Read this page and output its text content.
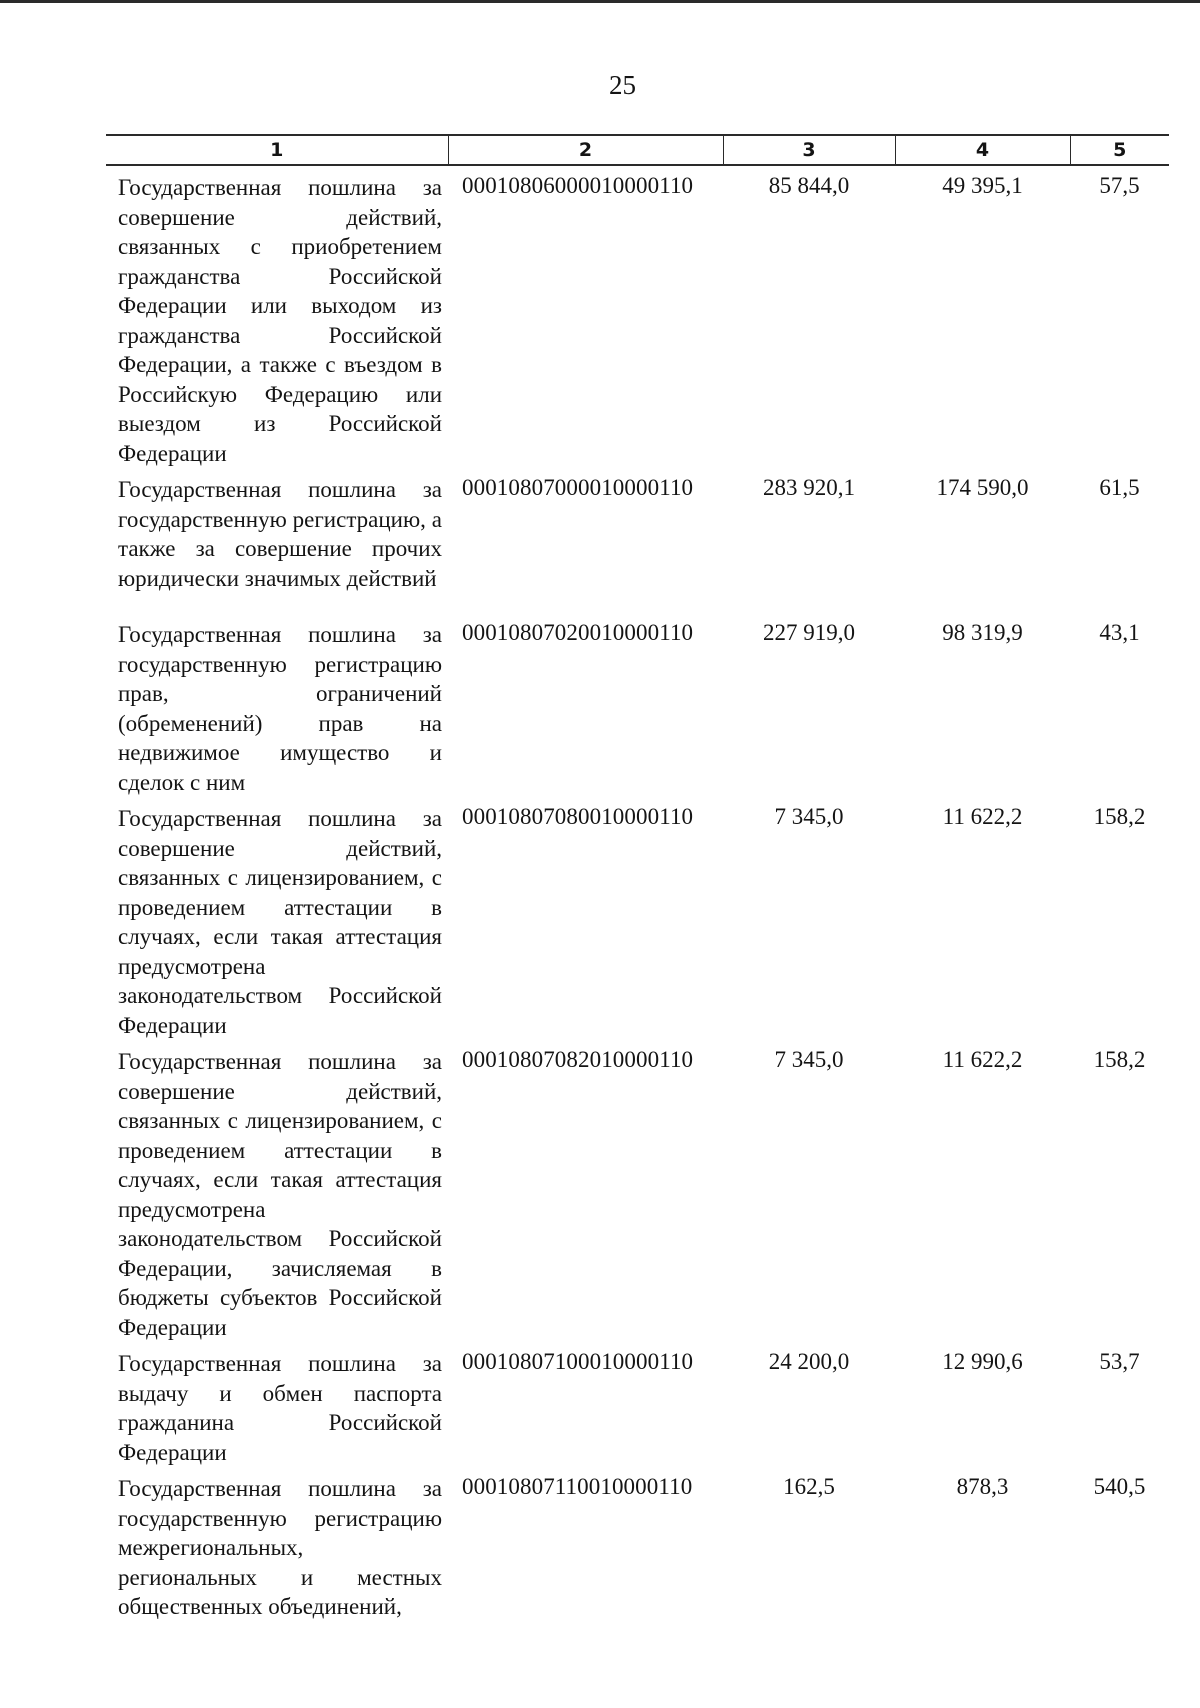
25
1	2	3	4	5
Государственная пошлина за совершение действий, связанных с приобретением гражданства Российской Федерации или выходом из гражданства Российской Федерации, а также с въездом в Российскую Федерацию или выездом из Российской Федерации	00010806000010000110	85 844,0	49 395,1	57,5
Государственная пошлина за государственную регистрацию, а также за совершение прочих юридически значимых действий	00010807000010000110	283 920,1	174 590,0	61,5
Государственная пошлина за государственную регистрацию прав, ограничений (обременений) прав на недвижимое имущество и сделок с ним	00010807020010000110	227 919,0	98 319,9	43,1
Государственная пошлина за совершение действий, связанных с лицензированием, с проведением аттестации в случаях, если такая аттестация предусмотрена законодательством Российской Федерации	00010807080010000110	7 345,0	11 622,2	158,2
Государственная пошлина за совершение действий, связанных с лицензированием, с проведением аттестации в случаях, если такая аттестация предусмотрена законодательством Российской Федерации, зачисляемая в бюджеты субъектов Российской Федерации	00010807082010000110	7 345,0	11 622,2	158,2
Государственная пошлина за выдачу и обмен паспорта гражданина Российской Федерации	00010807100010000110	24 200,0	12 990,6	53,7
Государственная пошлина за государственную регистрацию межрегиональных, региональных и местных общественных объединений,	00010807110010000110	162,5	878,3	540,5
